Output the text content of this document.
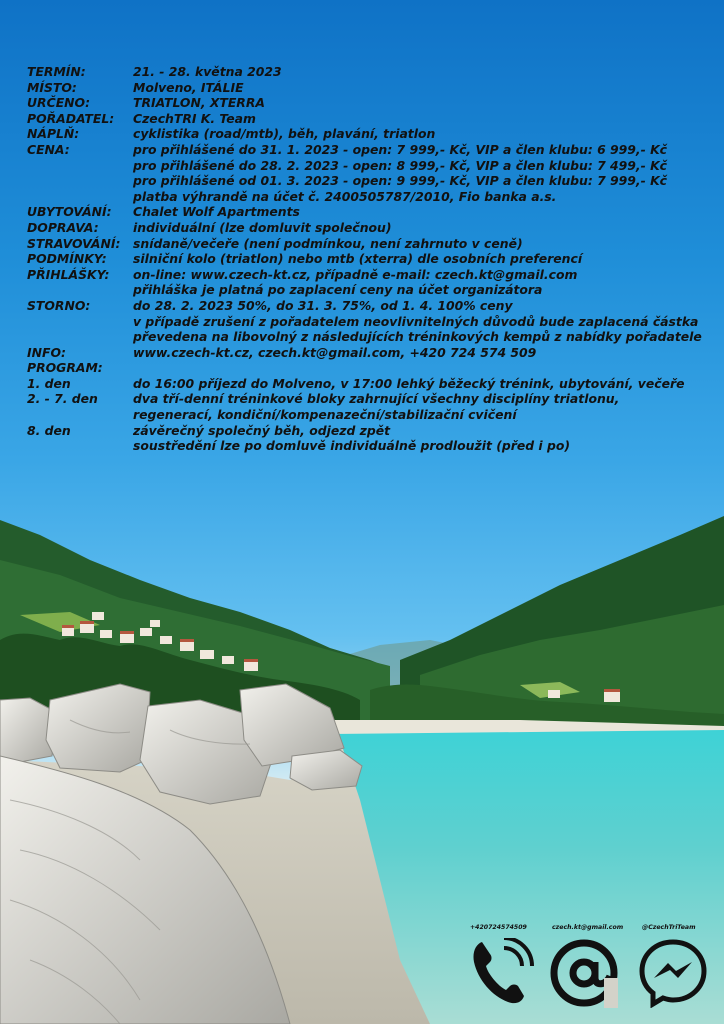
TERMÍN:	21. - 28. května 2023
MÍSTO:	Molveno, ITÁLIE
URČENO:	TRIATLON, XTERRA
POŘADATEL:	CzechTRI K. Team
NÁPLŇ:	cyklistika (road/mtb), běh, plavání, triatlon
CENA:	pro přihlášené do 31. 1. 2023 - open: 7 999,- Kč, VIP a člen klubu: 6 999,- Kč
pro přihlášené do 28. 2. 2023 - open: 8 999,- Kč, VIP a člen klubu: 7 499,- Kč
pro přihlášené od 01. 3. 2023 - open: 9 999,- Kč, VIP a člen klubu: 7 999,- Kč
platba výhrandě na účet č. 2400505787/2010, Fio banka a.s.
UBYTOVÁNÍ:	Chalet Wolf Apartments
DOPRAVA:	individuální (lze domluvit společnou)
STRAVOVÁNÍ:	snídaně/večeře (není podmínkou, není zahrnuto v ceně)
PODMÍNKY:	silniční kolo (triatlon) nebo mtb (xterra) dle osobních preferencí
PŘIHLÁŠKY:	on-line: www.czech-kt.cz, případně e-mail: czech.kt@gmail.com
přihláška je platná po zaplacení ceny na účet organizátora
STORNO:	do 28. 2. 2023 50%, do 31. 3. 75%, od 1. 4. 100% ceny
v případě zrušení z pořadatelem neovlivnitelných důvodů bude zaplacená částka
převedena na libovolný z následujících tréninkových kempů z nabídky pořadatele
INFO:	www.czech-kt.cz, czech.kt@gmail.com, +420 724 574 509
PROGRAM:
1. den	do 16:00 příjezd do Molveno, v 17:00 lehký běžecký trénink, ubytování, večeře
2. - 7. den	dva tří-denní tréninkové bloky zahrnující všechny disciplíny triatlonu,
regenerací, kondiční/kompenazeční/stabilizační cvičení
8. den	závěrečný společný běh, odjezd zpět
soustředění lze po domluvě individuálně prodloužit (před i po)
+420724574509	czech.kt@gmail.com	@CzechTriTeam
